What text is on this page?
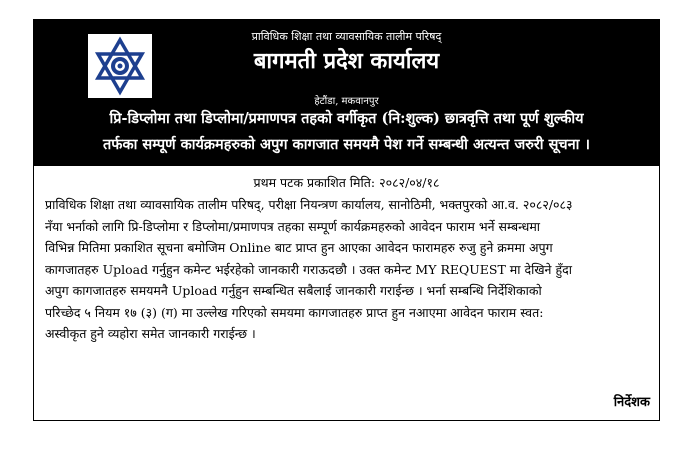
प्राविधिक शिक्षा तथा व्यावसायिक तालीम परिषद्
बागमती प्रदेश कार्यालय
हेटौंडा, मकवानपुर
प्रि-डिप्लोमा तथा डिप्लोमा/प्रमाणपत्र तहको वर्गीकृत (नि:शुल्क) छात्रवृत्ति तथा पूर्ण शुल्कीय
तर्फका सम्पूर्ण कार्यक्रमहरुको अपुग कागजात समयमै पेश गर्ने सम्बन्धी अत्यन्त जरुरी सूचना ।
प्रथम पटक प्रकाशित मिति: २०८२/०४/१८
प्राविधिक शिक्षा तथा व्यावसायिक तालीम परिषद्, परीक्षा नियन्त्रण कार्यालय, सानोठिमी, भक्तपुरको आ.व. २०८२/०८३
नँया भर्नाको लागि प्रि-डिप्लोमा र डिप्लोमा/प्रमाणपत्र तहका सम्पूर्ण कार्यक्रमहरुको आवेदन फाराम भर्ने सम्बन्धमा
विभिन्न मितिमा प्रकाशित सूचना बमोजिम Online बाट प्राप्त हुन आएका आवेदन फारामहरु रुजु हुने क्रममा अपुग
कागजातहरु Upload गर्नुहुन कमेन्ट भईरहेको जानकारी गराऊदछौ । उक्त कमेन्ट MY REQUEST मा देखिने हुँदा
अपुग कागजातहरु समयमनै Upload गर्नुहुन सम्बन्धित सबैलाई जानकारी गराईन्छ । भर्ना सम्बन्धि निर्देशिकाको
परिच्छेद ५ नियम १७ (३) (ग) मा उल्लेख गरिएको समयमा कागजातहरु प्राप्त हुन नआएमा आवेदन फाराम स्वत:
अस्वीकृत हुने व्यहोरा समेत जानकारी गराईन्छ ।
निर्देशक
